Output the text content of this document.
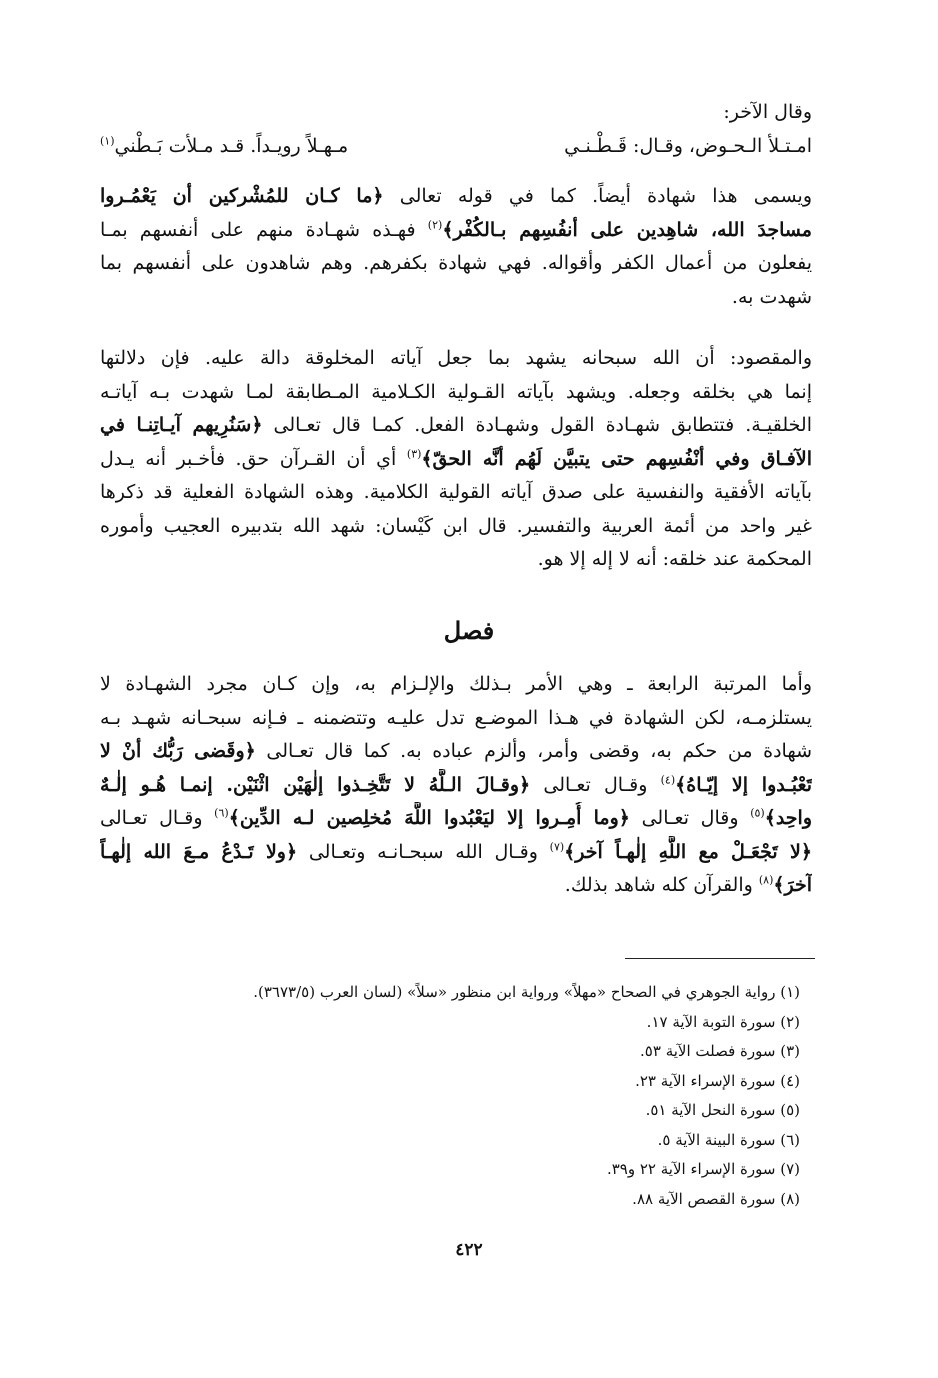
وقال الآخر:
امـتـلأ الـحـوض، وقـال: قَـطْـنـي
مـهـلاً رويـداً. قـد مـلأت بَـطْني$^{(١)}$
ويسمى هذا شهادة أيضاً. كما في قوله تعالى ﴿ما كـان للمُشْركين أن يَعْمُـروا
مساجدَ الله، شاهِدين على أنفُسِهم بـالكُفْر﴾$^{(٢)}$ فهـذه شهـادة منهم على أنفسهم بمـا
يفعلون من أعمال الكفر وأقواله. فهي شهادة بكفرهم. وهم شاهدون على أنفسهم بما
شهدت به.
والمقصود: أن الله سبحانه يشهد بما جعل آياته المخلوقة دالة عليه. فإن دلالتها
إنما هي بخلقه وجعله. ويشهد بآياته القـولية الكـلامية المـطابقة لمـا شهدت بـه آياتـه
الخلقيـة. فتتطابق شهـادة القول وشهـادة الفعل. كمـا قال تعـالى ﴿سَنُرِيهم آيـاتِنـا في
الآفـاق وفي أنْفُسِهم حتى يتبيَّن لَهُم أنَّه الحقّ﴾$^{(٣)}$ أي أن القـرآن حق. فأخـبر أنه يـدل
بآياته الأفقية والنفسية على صدق آياته القولية الكلامية. وهذه الشهادة الفعلية قد ذكرها
غير واحد من أئمة العربية والتفسير. قال ابن كَيْسان: شهد الله بتدبيره العجيب وأموره
المحكمة عند خلقه: أنه لا إله إلا هو.
فصل
وأما المرتبة الرابعة ـ وهي الأمر بـذلك والإلـزام به، وإن كـان مجرد الشهـادة لا
يستلزمـه، لكن الشهادة في هـذا الموضـع تدل عليـه وتتضمنه ـ فـإنه سبحـانه شهـد بـه
شهادة من حكم به، وقضى وأمر، وألزم عباده به. كما قال تعـالى ﴿وقَضى رَبُّك أنْ لا
تَعْبُـدوا إلا إيّـاهُ﴾$^{(٤)}$ وقـال تعـالى ﴿وقـالَ الـلَّهُ لا تَتَّخِـذوا إلٰهَيْن اثْنَيْن. إنمـا هُـو إلٰـهٌ
واحِد﴾$^{(٥)}$ وقال تعـالى ﴿وما أُمِـروا إلا ليَعْبُدوا اللَّهَ مُخلِصين لـه الدِّين﴾$^{(٦)}$ وقـال تعـالى
﴿لا تَجْعَـلْ مع اللَّهِ إلٰهـاً آخر﴾$^{(٧)}$ وقـال الله سبحـانـه وتعـالى ﴿ولا تَـدْعُ مـعَ الله إلٰهـاً
آخرَ﴾$^{(٨)}$ والقرآن كله شاهد بذلك.
(١) رواية الجوهري في الصحاح «مهلاً» ورواية ابن منظور «سلاً» (لسان العرب (٣٦٧٣/٥).
(٢) سورة التوبة الآية ١٧.
(٣) سورة فصلت الآية ٥٣.
(٤) سورة الإسراء الآية ٢٣.
(٥) سورة النحل الآية ٥١.
(٦) سورة البينة الآية ٥.
(٧) سورة الإسراء الآية ٢٢ و٣٩.
(٨) سورة القصص الآية ٨٨.
٤٢٢
